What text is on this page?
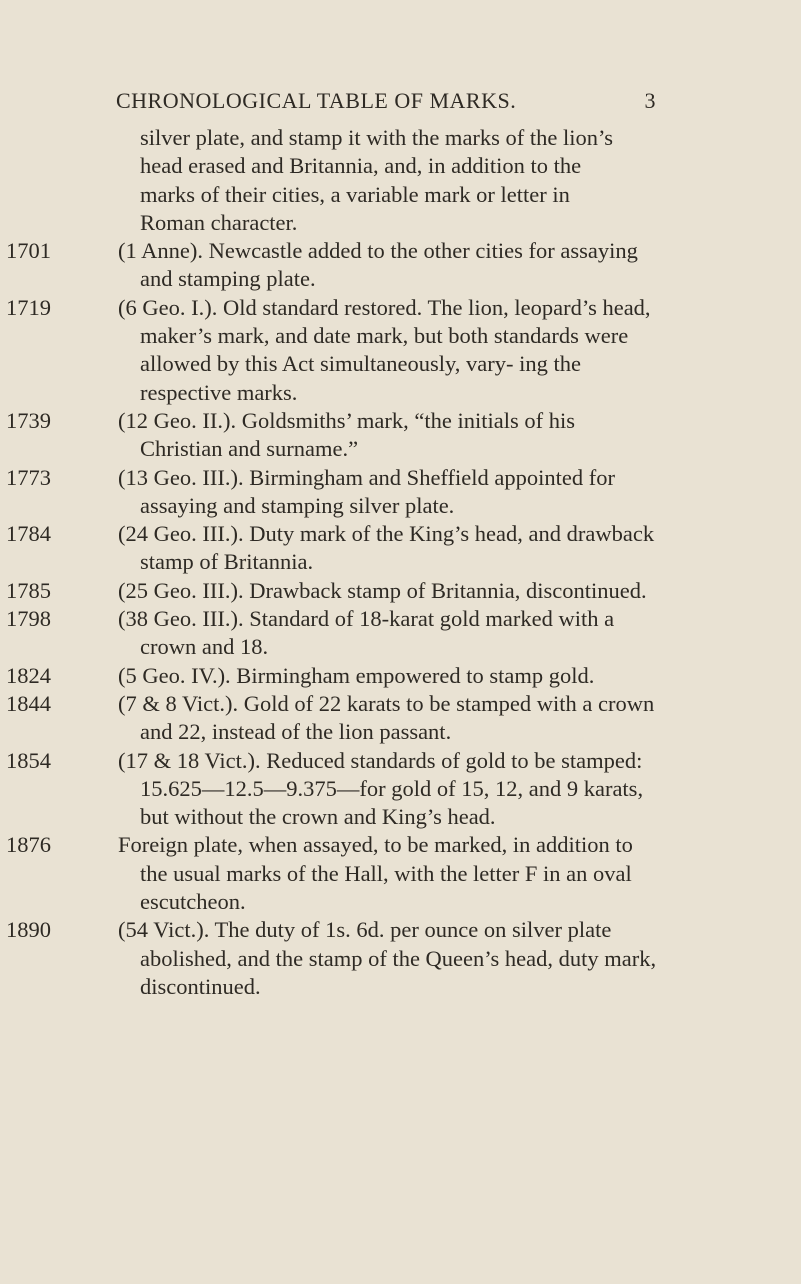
CHRONOLOGICAL TABLE OF MARKS.	3
silver plate, and stamp it with the marks of the lion’s head erased and Britannia, and, in addition to the marks of their cities, a variable mark or letter in Roman character.
1701	(1 Anne). Newcastle added to the other cities for assaying and stamping plate.
1719	(6 Geo. I.). Old standard restored. The lion, leopard’s head, maker’s mark, and date mark, but both standards were allowed by this Act simultaneously, vary- ing the respective marks.
1739	(12 Geo. II.). Goldsmiths’ mark, “the initials of his Christian and surname.”
1773	(13 Geo. III.). Birmingham and Sheffield appointed for assaying and stamping silver plate.
1784	(24 Geo. III.). Duty mark of the King’s head, and drawback stamp of Britannia.
1785	(25 Geo. III.). Drawback stamp of Britannia, discontinued.
1798	(38 Geo. III.). Standard of 18-karat gold marked with a crown and 18.
1824	(5 Geo. IV.). Birmingham empowered to stamp gold.
1844	(7 & 8 Vict.). Gold of 22 karats to be stamped with a crown and 22, instead of the lion passant.
1854	(17 & 18 Vict.). Reduced standards of gold to be stamped: 15.625—12.5—9.375—for gold of 15, 12, and 9 karats, but without the crown and King’s head.
1876	Foreign plate, when assayed, to be marked, in addition to the usual marks of the Hall, with the letter F in an oval escutcheon.
1890	(54 Vict.). The duty of 1s. 6d. per ounce on silver plate abolished, and the stamp of the Queen’s head, duty mark, discontinued.
